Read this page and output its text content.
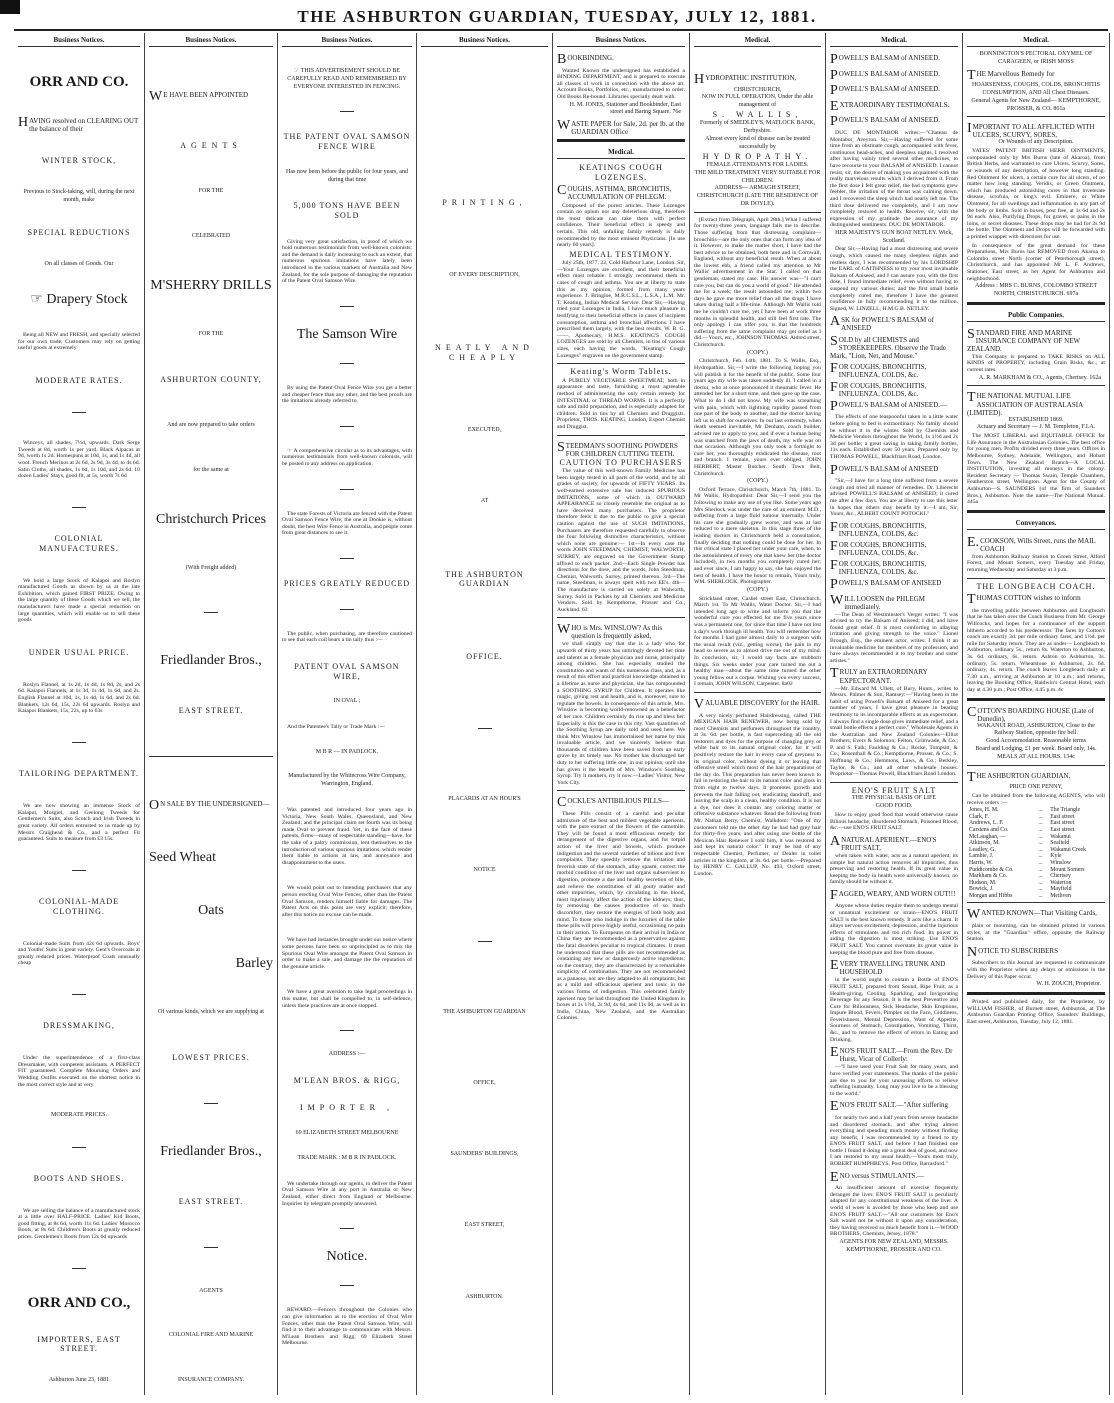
THE ASHBURTON GUARDIAN, TUESDAY, JULY 12, 1881.
Business Notices.
ORR AND CO.
HAVING resolved on CLEARING OUT the balance of their
WINTER STOCK,
Previous to Stock-taking, will, during the next month, make
SPECIAL REDUCTIONS
On all classes of Goods. Our
☞ Drapery Stock
Being all NEW and FRESH, and specially selected for our own trade, Customers may rely on getting useful goods at extremely
MODERATE RATES.
Winceys, all shades, 7½d, upwards. Dark Serge Tweeds at 8d, worth 1s per yard. Black Alpacas at 9d, worth 1s 2d. Homespuns at 10d, 1s, and 1s 4d, all wool. French Merinos at 2s 6d, 2s 9d, 3s 4d, to 4s 6d. Satin Cloths, all shades, 1s 6d, 1s 10d, and 2s 6d. 10 dozen Ladies' Stays, good fit, at 5s, worth 7s 6d
COLONIAL MANUFACTURES.
We hold a large Stock of Kaiapoi and Roslyn manufactured Goods as shown by us at the late Exhibition, which gained FIRST PRIZE. Owing to the large quantity of these Goods which we sell, the manufacturers have made a special reduction on large quantities, which will enable us to sell these goods
UNDER USUAL PRICE.
Roslyn Flannel, at 1s 2d, 1s 4d, 1s 8d, 2s, and 2s 6d. Kaiapoi Flannels, at 1s 3d, 1s 4d, 1s 6d, and 2s. English Flannel at 10d, 1s, 1s 4d, 1s 6d, and 2s 6d. Blankets, 12s 6d, 15s, 22s 6d upwards. Roslyn and Kaiapoi Blankets, 15s, 22s, up to 63s
TAILORING DEPARTMENT.
We are now showing an immense Stock of Kaiapoi, Mosgiel, and Geelong Tweeds for Gentlemen's Suits, also Scotch and Irish Tweeds in great variety. All orders entrusted to us made up by Messrs Craighead & Co., and a perfect Fit guaranteed. Suits to measure from £3 15s.
COLONIAL-MADE CLOTHING.
Colonial-made Suits from 42s 6d upwards. Boys' and Youths' Suits in great variety. Gent's Overcoats at greatly reduced prices. Waterproof Coats unusually cheap
DRESSMAKING,
Under the superintendence of a first-class Dressmaker, with competent assistants. A PERFECT FIT guaranteed. Complete Mourning Orders and Wedding Outfits executed on the shortest notice in the most correct style and at very
MODERATE PRICES.
BOOTS AND SHOES.
We are selling the balance of a manufactured stock at a little over HALF-PRICE. Ladies' Kid Boots, good fitting, at 8s 6d, worth 11s 6d. Ladies' Morocco Boots, at 8s 6d. Children's Boots at greatly reduced prices. Gentlemen's Boots from 12s 6d upwards
ORR AND CO.,
IMPORTERS, EAST STREET.
Ashburton June 23, 1881
Business Notices.
WE HAVE BEEN APPOINTED
AGENTS
FOR THE
CELEBRATED
M'SHERRY DRILLS
FOR THE
ASHBURTON COUNTY,
And are now prepared to take orders
for the same at
Christchurch Prices
(With Freight added)
Friedlander Bros.,
EAST STREET.
ON SALE BY THE UNDERSIGNED—
Seed Wheat
Oats
Barley
Of various kinds, which we are supplying at
LOWEST PRICES.
Friedlander Bros.,
EAST STREET.
AGENTS
COLONIAL FIRE AND MARINE
INSURANCE COMPANY.
Business Notices.
☞ THIS ADVERTISEMENT SHOULD BE CAREFULLY READ AND REMEMBERED BY EVERYONE INTERESTED IN FENCING.
THE PATENT OVAL SAMSON FENCE WIRE
Has now been before the public for four years, and during that time
5,000 TONS HAVE BEEN SOLD
Giving very great satisfaction, in proof of which we hold numerous testimonials from well-known colonists; and the demand is daily increasing to such an extent, that numerous spurious imitations have lately been introduced in the various markets of Australia and New Zealand, for the sole purpose of damaging the reputation of the Patent Oval Samson Wire.
The Samson Wire
By using the Patent Oval Fence Wire you get a better and cheaper fence than any other, and the best proofs are the imitations already referred to.
☞ A comprehensive circular as to its advantages, with numerous testimonials from well-known colonists, will be posted to any address on application.
The state Forests of Victoria are fenced with the Patent Oval Samson Fence Wire; the one at Dookie is, without doubt, the best Wire Fence in Australia, and people come from great distances to see it.
PRICES GREATLY REDUCED
The public, when purchasing, are therefore cautioned to see that each coil bears a tin tally thus :—
PATENT OVAL SAMSON WIRE,
IN OVAL ;
And the Patentee's Tally or Trade Mark :—
M B R — IN PADLOCK.
Manufactured by the Whitecross Wire Company, Warrington, England.
Was patented and introduced four years ago in Victoria, New South Wales, Queensland, and New Zealand; and the principal claim set fourth was its being made Oval to prevent fraud. Yet, in the face of these patents, firms—many of respectable standing—have, for the sake of a paltry commission, lent themselves to the introduction of various spurious imitations, which render them liable to actions at law, and annoyance and disappointment to the users.
We would point out to intending purchasers that any person erecting Oval Wire Fences, other than the Patent Oval Samson, renders himself liable for damages. The Patent Acts on this point are very explicit; therefore, after this notice no excuse can be made.
We have had instances brought under our notice where some persons have been so unprincipled as to mix the Spurious Oval Wire amongst the Patent Oval Samson in order to make a sale, and damage the the reputation of the genuine article.
We have a great aversion to take legal proceedings in this matter, but shall be compelled to, in self-defence, unless these practices are at once stopped.
ADDRESS :—
M'LEAN BROS. & RIGG,
IMPORTER ,
69 ELIZABETH STREET MELBOURNE
TRADE MARK : M B R IN PADLOCK.
We undertake through our agents, to deliver the Patent Oval Samson Wire at any port in Australia or New Zealand, either direct from England or Melbourne. Inquiries by telegram promptly answered.
Notice.
REWARD.—Fencers throughout the Colonies who can give information as to the erection of Oval Wire Fences, other than the Patent Oval Samson Wire, will find it to their advantage to communicate with Messrs. M'Lean Brothers and Rigg, 69 Elizabeth Street Melbourne.
Business Notices.
PRINTING,
OF EVERY DESCRIPTION,
NEATLY AND CHEAPLY
EXECUTED,
AT
THE ASHBURTON GUARDIAN
OFFICE.
PLACARDS AT AN HOUR'S
NOTICE
THE ASHBURTON GUARDIAN
OFFICE,
SAUNDERS' BUILDINGS,
EAST STREET,
ASHBURTON.
Business Notices.
BOOKBINDING.
Wanted Known the undersigned has established a BINDING DEPARTMENT, and is prepared to execute all classes of work in connection with the above art. Account Books, Portfolios, etc., manufactured to order. Old Books Re-bound. Libraries specially dealt with.
H. M. JONES, Stationer and Bookbinder, East street and Baring Square. 76e
WASTE PAPER for Sale, 2d. per lb. at the GUARDIAN Office
Medical.
KEATINGS COUGH LOZENGES.
COUGHS, ASTHMA, BRONCHITIS, ACCUMULATION OF PHLEGM.
Composed of the purest articles. These Lozenges contain no opium nor any deleterious drug, therefore the most delicate can take them with perfect confidence. Their beneficial effect is speedy and certain. This old, unfailing family remedy is daily recommended by the most eminent Physicians. [In use nearly 60 years].
MEDICAL TESTIMONY.
July 25th, 1877. 22, Cold Harbour Lane, London. Sir,—Your Lozenges are excellent, and their beneficial effect most reliable. I strongly recommend them in cases of cough and asthma. You are at liberty to state this as my opinion, formed from many years experience. J. Bringloe, M.R.C.S.L., L.S.A., L.M. Mr. T. Keating, Indian Medical Service. Dear Sir,—Having tried your Lozenges in India, I have much pleasure in testifying to their beneficial effects in cases of incipient consumption, asthma and bronchial affections. I have prescribed them largely, with the best results. W. B. G. ——, Apothecary, H.M.S. KEATING'S COUGH LOZENGES are sold by all Chemists, in tins of various sizes, each having the words, "Keating's Cough Lozenges" engraven on the government stamp.
Keating's Worm Tablets.
A PURELY VEGETABLE SWEETMEAT, both in appearance and taste, furnishing a most agreeable method of administering the only certain remedy for INTESTINAL or THREAD WORMS. It is a perfectly safe and mild preparation, and is especially adapted for children. Sold in tins by all Chemists and Druggists. Proprietor, THOS. KEATING, London, Export Chemist and Druggist.
STEEDMAN'S SOOTHING POWDERS FOR CHILDREN CUTTING TEETH.
CAUTION TO PURCHASERS
The value of this well-known Family Medicine has been largely tested in all parts of the world, and by all grades of society, for upwards of FIFTY YEARS. Its well-earned extensive sale has induced SPURIOUS IMITATIONS, some of which in OUTWARD APPEARANCE so closely resemble the original as to have deceived many purchasers. The proprietor therefore feels it due to the public to give a special caution against the use of SUCH IMITATIONS. Purchasers are therefore requested carefully to observe the four following distinctive characteristics, without which none are genuine:— 1st—In every case the words JOHN STEEDMAN, CHEMIST, WALWORTH, SURREY, are engraved on the Government Stamp affixed to each packet. 2nd—Each Single Powder has directions for the dose, and the words, John Steedman, Chemist, Walworth, Surrey, printed thereon. 3rd—The name, Steedman, is always spelt with two EE's. 4th—The manufacture is carried on solely at Walworth, Surrey. Sold in Packets by all Chemists and Medicine Vendors. Sold by Kempthorne, Prosser and Co., Auckland. 63
WHO is Mrs. WINSLOW? As this question is frequently asked,
we shall simply say that she is a lady who for upwards of thirty years has untiringly devoted her time and talents as a female physician and nurse, principally among children. She has especially studied the constitution and wants of this numerous class, and, as a result of this effort and practical knowledge obtained in a lifetime as nurse and physician, she has compounded a SOOTHING SYRUP for Children. It operates like magic, giving rest and health, and is, moreover, sure to regulate the bowels. In consequence of this article, Mrs. Winslow is becoming world-renowned as a benefactor of her race. Children certainly do rise up and bless her. Especially is this the case in this city. Vast quantities of the Soothing Syrup are daily sold and used here. We think Mrs Winslow has immortalised her name by this invaluable article, and we sincerely believe that thousands of children have been saved from an early grave by its timely use. No mother has discharged her duty to her suffering little one, in our opinion, until she has given it the benefit of Mrs. Winslow's Soothing Syrup. Try it mothers, try it now.—Ladies' Visitor, New York City.
COCKLE'S ANTIBILIOUS PILLS—
These Pills consist of a careful and peculiar admixture of the best and mildest vegetable aperients, with the pure extract of the flowers of the camomile. They will be found a most efficacious remedy for derangement of the digestive organs, and for torpid action of the liver and bowels, which produce indigestion and the several varieties of bilious and liver complaints. They speedily remove the irritation and feverish state of the stomach, allay spasm, correct the morbid condition of the liver and organs subservient to digestion, promote a due and healthy secretion of bile, and relieve the constitution of all gouty matter and other impurities, which, by circulating in the blood, most injuriously affect the action of the kidneys; thus, by removing the causes productive of so much discomfort, they restore the energies of both body and mind. To those who indulge in the luxuries of the table these pills will prove highly useful, occasioning no pain in their action. To Europeans on their arrival in India or China they are recommended as a preservative against the fatal disorders peculiar to tropical climates. It must be understood that these pills are not recommended as containing any new or dangerously active ingredients; on the contrary, they are characterized by a remarkable simplicity of combination. They are not recommended as a panacea, nor are they adapted to all complaints; but as a mild and efficacious aperient and tonic in the various forms of indigestion. This celebrated family aperient may be had throughout the United Kingdom in boxes at 1s 1½d, 2s 9d, 4s 6d, and 11s 0d, as well as in India, China, New Zealand, and the Australian Colonies.
Medical.
HYDROPATHIC INSTITUTION,
CHRISTCHURCH,
NOW IN FULL OPERATION, Under the able management of
S. WALLIS,
Formerly of SMEDLEY'S, MATLOCK BANK, Derbyshire.
Almost every kind of disease can be treated successfully by
HYDROPATHY.
FEMALE ATTENDANTS FOR LADIES.
THE MILD TREATMENT VERY SUITABLE FOR CHILDREN.
ADDRESS— ARMAGH STREET, CHRISTCHURCH (LATE THE RESIDENCE OF DR DOYLE).
[Extract from Telegraph, April 28th.] What I suffered for twenty-three years, language fails me to describe. Those suffering from that distressing complaint—bronchitis—are the only ones that can form any idea of it. However, to make the matter short, I have had the best advice to be obtained, both here and in Cornwall, England, without any beneficial result. When at about the lowest ebb, a friend called my attention to Mr Wallis' advertisement in the Star. I called on that gentleman, stated my case. His answer was—"I can't cure you, but can do you a world of good." He attended me for a week; the result astounded me; within two days he gave me more relief than all the drugs I have taken during half a life-time. Although Mr Wallis told me he couldn't cure me, yet I have been at work three months in splendid health, and still feel first rate. The only apology I can offer you, is that the hundreds suffering from the same complaint may get relief as I did.—Yours, etc., JOHNSON THOMAS. Aldred street, Christchurch.
(COPY.)
Christchurch, Feb. 14th, 1881. To S. Wallis, Esq., Hydropathist. Sir,—I write the following hoping you will publish it for the benefit of the public. Some four years ago my wife was taken suddenly ill. I called in a doctor, who at once pronounced it rheumatic fever. He attended her for a short time, and then gave up the case. What to do I did not know. My wife was screaming with pain, which with lightning rapidity passed from one part of the body to another, and the doctor having left us to shift for ourselves. In our last extremity, when death seemed inevitable, Mr Denham, coach builder, advised me to apply to you; and if ever a human being was snatched from the jaws of death, my wife was on that occasion. Although you only took a fortnight to cure her, you thoroughly eradicated the disease, root and branch. I remain, yours ever obliged, JOHN HERBERT, Master Butcher. South Town Belt, Christchurch.
(COPY.)
Oxford Terrace, Christchurch, March 7th, 1881. To Mr Wallis, Hydropathist. Dear Sir,—I send you the following to make any use of you like. Some years ago Mrs Sherlock was under the care of an eminent M.D., suffering from a large fluid tumour internally. Under his care she gradually grew worse, and was at last reduced to a mere skeleton. In this stage three of the leading doctors in Christchurch held a consultation, finally deciding that nothing could be done for her. In this critical state I placed her under your care, when, to the astonishment of every one that knew her (the doctor included), in two months you completely cured her; and ever since, I am happy to say, she has enjoyed the best of health. I have the honor to remain, Yours truly, WM. SHERLOCK, Photographer.
(COPY.)
Strickland street, Cashel street East, Christchurch. March 1st. To Mr Wallis, Water Doctor. Sir,—I had intended long ago to write and inform you that the wonderful cure you effected for me five years since was a permanent one, for since that time I have not lost a day's work through ill health. You will remember how for months I had gone almost daily to a surgeon with the usual result (viz., getting worse), the pain in my head so severe as to almost drive me out of my mind. In conclusion, sir, I would say facts are stubborn things. Six weeks under your care turned me out a healthy man—about the same time turned the other young fellow out a corpse. Wishing you every success, I remain, JOHN WILSON, Carpenter. 8a02
VALUABLE DISCOVERY for the HAIR.
A very nicely perfumed Hairdressing, called THE MEXICAN HAIR RENEWER, now being sold by most Chemists and perfumers throughout the country, at 3s. 6d. per bottle, is fast superceding all the old restorers and dyes for the purpose of changing grey or white hair to its natural original color, for it will positively restore the hair in every case of greyness to its original color, without dyeing it or leaving that offensive smell which most of the hair preparations of the day do. This preparation has never been known to fail in restoring the hair to its natural color and gloss in from eight to twelve days. It promotes growth and prevents the hair falling out, eradicating dandruff, and leaving the scalp in a clean, healthy condition. It is not a dye, nor does it contain any coloring matter or offensive substance whatever. Read the following from Mr. Nathan Berry, Chemist, Walkdom: "One of my customers told me the other day he had had grey hair for thirty-five years, and after using one bottle of the Mexican Hair Renewer I sold him, it was restored to and kept its natural color." It may be had of any respectable Chemist, Perfumer, or Dealer in toilet articles in the kingdom, at 3s. 6d. per bottle.—Prepared by HENRY C. GALLUP, No. 493, Oxford street, London.
Medical.
POWELL'S BALSAM of ANISEED.
POWELL'S BALSAM of ANISEED.
POWELL'S BALSAM of ANISEED.
EXTRAORDINARY TESTIMONIALS.
POWELL'S BALSAM of ANISEED.
DUC DE MONTABOR writes:—"Chateau de Montabor, Aveyron. Sir,—Having suffered for some time from an obstinate cough, accompanied with fever, continuous head-aches, and sleepless nights, I resolved after having vainly tried several other medicines, to have recourse to your BALSAM of ANISEED. I cannot resist, sir, the desire of making you acquainted with the really marvelous results which I derived from it. From the first dose I felt great relief, the bad symptoms grew feebler, the irritation of the throat was calming down, and I recovered the sleep which had nearly left me. The third dose delivered me completely, and I am now completely restored to health. Receive, sir, with the expression of my gratitude the assurance of my distinguished sentiments. DUC DE MONTABOR.
HER MAJESTY'S GUN BOAT NETLEY. Wick, Scotland.
Dear Sir,—Having had a most distressing and severe cough, which caused me many sleepless nights and restless days, I was recommended by his LORDSHIP the EARL of CAITHNESS to try your most invaluable Balsam of Aniseed, and I can assure you, with the first dose, I found immediate relief, even without having to suspend my various duties; and the first small bottle completely cured me, therefore I have the greatest confidence in fully recommending it to the million. Signed, W. LINZELL, H.M.G.B. NETLEY.
ASK for POWELL'S BALSAM of ANISEED
SOLD by all CHEMISTS and STOREKEEPERS. Observe the Trade Mark, "Lion, Net, and Mouse."
FOR COUGHS, BRONCHITIS, INFLUENZA, COLDS, &c.
FOR COUGHS, BRONCHITIS, INFLUENZA, COLDS, &c.
POWELL'S BALSAM of ANISEED.—
The effects of one teaspoonful taken in a little water before going to bed is extraordinary. No family should be without it in the winter. Sold by Chemists and Medicine Vendors throughout the World, 1s 1½d and 2s 3d per bottle; a great saving in taking family bottles, 11s each. Established over 50 years. Prepared only by THOMAS POWELL, Blackfriars Road, London.
POWELL'S BALSAM of ANISEED
"Sir,—I have for a long time suffered from a severe cough and tried all manner of remedies. Dr. Liberecht advised POWELL'S BALSAM of ANISEED; it cured me after a few days. You are at liberty to use this letter in hopes that others may benefit by it.—I am, Sir, Yours, &c., ALBERT COUNT POTOCKI."
FOR COUGHS, BRONCHITIS, INFLUENZA, COLDS, &c.
FOR COUGHS, BRONCHITIS, INFLUENZA, COLDS, &c.
FOR COUGHS, BRONCHITIS, INFLUENZA, COLDS, &c.
POWELL'S BALSAM OF ANISEED
WILL LOOSEN the PHLEGM immediately.
—The Dean of Westminster's Verger writes: "I was advised to try the Balsam of Aniseed; I did, and have found great relief. It is most comforting in allaying irritation and giving strength to the voice." Lionel Brough, Esq., the eminent actor, writes: I think it an invaluable medicine for members of my profession, and have always recommended it to my brother and sister artistes."
TRULY an EXTRAORDINARY EXPECTORANT.
—Mr. Edward M. Ullett, of Bury, Hunts., writes to Messrs. Palmer & Son, Ramsey:—"Having been in the habit of using Powell's Balsam of Aniseed for a great number of years, I have great pleasure in bearing testimony to its incomparable effects as an expectorant. I always find a single dose gives immediate relief, and a small bottle effects a perfect cure." Wholesale Agents in the Australian and New Zealand Colonies—Elliot Brothers; Evers & Solomon; Felton, Grimwade, & Co.; P. and S. Falk; Faulding & Co.; Rocke, Tompsitt, & Co.; Rosenthall & Co.; Kempthorne, Prosser, & Co.; S. Hoffnung & Co.; Hemmons, Laws, & Co.; Berkley, Taylor, & Co.; and all other wholesale houses. Proprietor—Thomas Powell, Blackfriars Road London.
ENO'S FRUIT SALT
THE PHYSICAL BASIS OF LIFE
GOOD FOOD.
How to enjoy good food that would otherwise cause Bilious headache, disordered Stomach, Poisoned Blood, &c.—use ENO'S FRUIT SALT.
ANATURAL APERIENT.—ENO'S FRUIT SALT,
when taken with water, acts as a natural aperient, its simple but natural action removes all impurities, thus preserving and restoring health. If its great value in keeping the body in health were universally known, no family should be without it.
FAGGED, WEARY, AND WORN OUT!!!
Anyone whose duties require them to undergo mental or unnatural excitement or strain—ENO'S FRUIT SALT is the best known remedy. It acts like a charm. It allays nervous excitement, depression, and the injurious effects of stimulants and too rich food. Its power in aiding the digestion is most striking. Use ENO'S FRUIT SALT. You cannot overstate its great value in keeping the blood pure and free from disease.
EVERY TRAVELLING TRUNK AND HOUSEHOLD
in the world ought to contain a Bottle of ENO'S FRUIT SALT, prepared from Sound, Ripe Fruit, as a Health-giving, Cooling, Sparkling, and Invigorating Beverage for any Season. It is the best Preventive and Cure for Biliousness, Sick Headache, Skin Eruptions, Impure Blood, Fevers, Pimples on the Face, Giddiness, Feverishness, Mental Depression, Want of Appetite, Sourness of Stomach, Constipation, Vomiting, Thirst, &c., and to remove the effects of errors in Eating and Drinking.
ENO'S FRUIT SALT.—From the Rev. Dr Hurst, Vicar of Collerly:
—"I have used your Fruit Salt for many years, and have verified your statements. The thanks of the public are due to you for your unceasing efforts to relieve suffering humanity. Long may you live to be a blessing to the world."
ENO'S FRUIT SALT.—"After suffering
for nearly two and a half years from severe headache and disordered stomach, and after trying almost everything and spending much money without finding any benefit, I was recommended by a friend to try ENO'S FRUIT SALT, and before I had finished one bottle I found it doing me a great deal of good, and now I am restored to my usual health.—Yours most truly, ROBERT HUMPHREYS, Post Office, Barrasford."
ENO versus STIMULANTS.—
An insufficient amount of exercise frequently deranges the liver. ENO'S FRUIT SALT is peculiarly adapted for any constitutional weakness of the liver. A world of woes is avoided by those who keep and use ENO'S FRUIT SALT.—"All our customers for Eno's Salt would not be without it upon any consideration, they having received so much benefit from it.—WOOD BROTHERS, Chemists, Jersey, 1878."
AGENTS FOR NEW ZEALAND, MESSRS. KEMPTHORNE, PROSSER AND CO.
Medical.
BONNINGTON'S PECTORAL OXYMEL OF CARAGEEN, or IRISH MOSS
THE Marvellous Remedy for
HOARSENESS, COUGHS, COLDS, BRONCHITIS CONSUMPTION, AND All Chest Diseases.
General Agents for New Zealand— KEMPTHORNE, PROSSER, & CO. 861a
IMPORTANT TO ALL AFFLICTED WITH ULCERS, SCURVY, SORES,
Or Wounds of any Description.
YATES' PATENT BRITISH HERB OINTMENTS, compounded only by Mrs Burns (late of Akaroa), from British Herbs, and warranted to cure Ulcers, Scurvy, Sores, or wounds of any description, of however long standing. Red Ointment for ulcers, a certain cure for all ulcers, of no matter how long standing. Veridis, or Green Ointment, which has produced astonishing cures in that inveterate disease, scrofula, or king's evil. Eminere, or White Ointment, for all swellings and inflammation in any part of the body or limbs. Sold in boxes, post free, at 1s 6d and 2s 9d each. Also, Purifying Drops, for gravel, or pains in the loins, or secret diseases. These drops may be had for 2s 9d the bottle. The Ointment and Drops will be forwarded with a printed wrapper with directions for use.
In consequence of the great demand for these Preparations, Mrs Burns has REMOVED from Akaroa to Colombo street North (corner of Peterborough street), Christchurch, and has appointed Mr L. F. Andrews, Stationer, East street, as her Agent for Ashburton and neighborhood.
Address : MRS C. BURNS, COLOMBO STREET NORTH, CHRISTCHURCH. 697a
Public Companies.
STANDARD FIRE AND MARINE INSURANCE COMPANY OF NEW ZEALAND.
This Company is prepared to TAKE RISKS on ALL KINDS of PROPERTY, including Grain Risks, &c., at current rates.
A. R. MARKHAM & CO., Agents, Chertsey. 162a
THE NATIONAL MUTUAL LIFE ASSOCIATION OF AUSTRALASIA (LIMITED).
ESTABLISHED 1869.
Actuary and Secretary — J. M. Templeton, F.I.A.
The MOST LIBERAL and EQUITABLE OFFICE for Life Assurance in the Australasian Colonies. The best office for young men. Profits divided every three years. Offices in Melbourne, Sydney, Adelaide, Wellington, and Hobart Town. The New Zealand Branch—A LOCAL INSTITUTION, investing all moneys in the colony. Resident Secretary — Thomas Swain, Temple Chambers, Featherston street, Wellington. Agent for the County of Ashburton—S. SAUNDERS (of the firm of Saunders Bros.), Ashburton. Note the name—The National Mutual. 445a
Conveyances.
E.COOKSON, Wills Street, runs the MAIL COACH
from Ashburton Railway Station to Green Street, Alford Forest, and Mount Somers, every Tuesday and Friday, returning Wednesday and Saturday at 3 p.m.
THE LONGBEACH COACH.
THOMAS COTTON wishes to inform
the travelling public between Ashburton and Longbeach that he has taken over the Coach Business from Mr. George Willcocks, and hopes for a continuance of the support hitherto accorded to his predecessor. The fares by Cotton's coach are exactly 3d. per mile ordinary fares, and 1½d. per mile for Saturday return. They are as under— Longbeach to Ashburton, ordinary 5s., return 8s. Waterton to Ashburton, 3s. 6d. ordinary, 6s. return. Ashton to Ashburton, 3s. ordinary, 5s. return. Wheatstone to Ashburton, 2s. 6d. ordinary, 4s. return. The coach leaves Longbeach daily at 7.30 a.m., arriving at Ashburton at 10 a.m.; and returns, leaving the Booking Office, Baldwin's Central Hotel, each day at 4.30 p.m.; Post Office, 4.45 p.m. 4c
COTTON'S BOARDING HOUSE (Late of Dunedin),
WAKANUI ROAD, ASHBURTON, Close to the Railway Station, opposite fire bell.
Good Accommodation. Reasonable terms
Board and Lodging, £1 per week. Board only, 14s.
MEALS AT ALL HOURS. 134c
THE ASHBURTON GUARDIAN,
PRICE ONE PENNY,
Can be obtained from the following AGENTS, who will receive orders :—
Jones, H. M.	...	The Triangle
Clark, F.	...	East street
Andrews, L. F.	...	East street
Carstens and Co.	...	East street
McLaughan, —	...	Wakanui
Atkinson, M.	...	Seafield
Leadley, G.	...	Wakanui Creek
Lambie, J.	...	Kyle
Harris, W.	...	Winslow
Puddicombe & Co.	...	Mount Somers
Markham & Co.	...	Chertsey
Hudson, M.	...	Waterton
Bowick, J.	...	Mayfield
Morgan and Hibbs	...	Methven
WANTED KNOWN—That Visiting Cards,
plain or mourning, can be obtained printed in various styles, at the "Guardian" office, opposite the Railway Station.
NOTICE TO SUBSCRIBERS
Subscribers to this Journal are requested to communicate with the Proprietor when any delays or omissions in the Delivery of this Paper occur.
W. H. ZOUCH, Proprietor.
Printed and published daily, for the Proprietor, by WILLIAM FISHER, of Burnett street, Ashburton, at The Ashburton Guardian Printing Office, Saunders' Buildings, East street, Ashburton, Tuesday, July 12, 1881.
